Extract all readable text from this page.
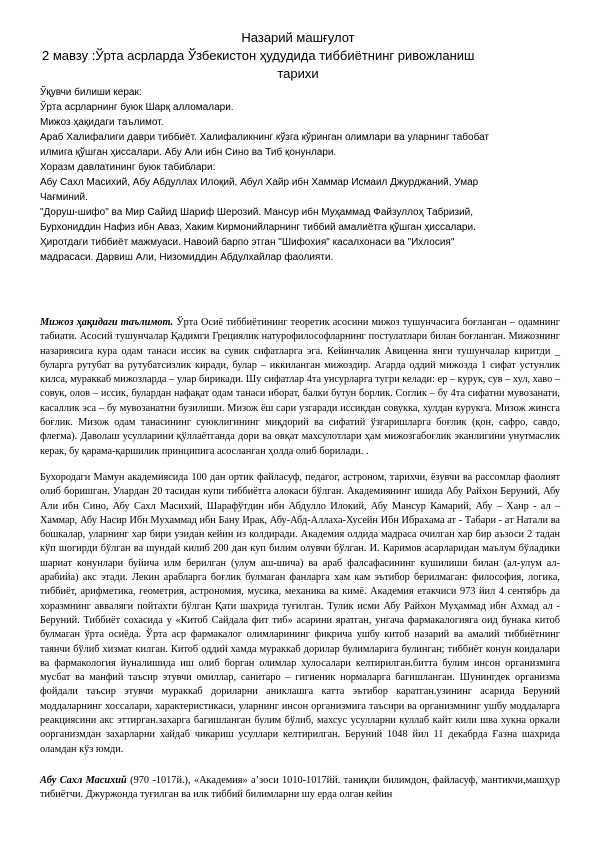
Назарий машғулот
2 мавзу :Ўрта асрларда Ўзбекистон ҳудудида тиббиётнинг ривожланиш
тарихи
Ўқувчи билиши керак:
Ўрта асрларнинг буюк Шарқ алломалари.
Мижоз ҳақидаги таълимот.
Араб Халифалиги даври тиббиёт. Халифаликнинг кўзга кўринган олимлари ва уларнинг табобат
илмига қўшган ҳиссалари. Абу Али ибн Сино ва Тиб қонунлари.
Хоразм давлатининг буюк табиблари:
Абу Сахл Масихий, Абу Абдуллах Илоқий, Абул Хайр ибн Хаммар Исмаил Джурджаний, Умар
Чағминий.
"Доруш-шифо" ва Мир Сайид Шариф Шерозий. Мансур ибн Муҳаммад Файзуллоҳ Табризий,
Бурхониддин Нафиз ибн Аваз, Хаким Кирмонийларнинг тиббий амалиётга қўшган ҳиссалари.
Ҳиротдаги тиббиёт мажмуаси. Навоий барпо этган "Шифохия" касалхонаси ва "Ихлосия"
мадрасаси. Дарвиш Али, Низомиддин Абдулхайлар фаолияти.

Мижоз ҳақидаги таълимот. Ўрта Осиё тиббиётининг теоретик асосини мижоз тушунчасига боғланган – одамнинг табиати. Асосий тушунчалар Қадимги Грециялик натурофилософларнинг постулатлари билан боғланган. Мижознинг назариясига кура одам танаси иссик ва сувик сифатларга эга. Кейинчалик Авиценна янги тушунчалар киритди _ буларга рутубат ва рутубатсизлик киради, булар – иккиланган мижоздир. Агарда оддий мижозда 1 сифат устунлик килса, мураккаб мижозларда – улар бирикади. Шу сифатлар 4та унсурларга тугри келади: ер – курук, сув – хул, хаво – совук, олов – иссик, булардан нафақат одам танаси иборат, балки бутун борлик. Соглик – бу 4та сифатни мувозанати, касаллик эса – бу мувозанатни бузилиши. Мизож ёш сари узгаради иссикдан совукка, хулдан курукга. Мизож жинсга боғлик. Мизож одам танасининг суюклигининг миқдорий ва сифатий ўзгаришларга боғлик (қон, сафро, савдо, флегма). Даволаш усулларини қўллаётганда дори ва овқат махсулотлари ҳам мижозгабоғлик эканлигини унутмаслик керак, бу қарама-қаршилик принципига асосланган ҳолда олиб борилади. .

Бухородаги Мамун академиясида 100 дан ортик файласуф, педагог, астроном, тарихчи, ёзувчи ва рассомлар фаолият олиб боришган. Улардан 20 тасидан купи тиббиётга алокаси бўлган. Академиянинг ишида Абу Райхон Беруний, Абу Али ибн Сино, Абу Сахл Масихий, Шарафўтдин ибн Абдулло Илокий, Абу Мансур Камарий, Абу – Ханр - ал –Хаммар, Абу Насир Ибн Мухаммад ибн Бану Ирак, Абу-Абд-Аллаха-Хусейн Ибн Ибрахама ат - Табари - ат Натали ва бошкалар, уларнинг хар бири узидан кейин из колдиради. Академия олдида мадраса очилган хар бир аъзоси 2 тадан кўп шогирди бўлган ва шундай килиб 200 дан куп билим олувчи бўлган. И. Каримов асарларидан маълум бўладики шариат конунлари буйича илм берилган (улум аш-шича) ва араб фалсафасининг кушилиши билан (ал-улум ал-арабийа) акс этади. Лекин арабларга боғлик булмаган фанларга хам кам эътибор берилмаган: философия, логика, тиббиёт, арифметика, геометрия, астрономия, мусика, механика ва кимё. Академия етакчиси 973 йил 4 сентябрь да хоразмнинг авваляги пойтахти бўлган Қати шахрида туғилган. Тулик исми Абу Райхон Муҳаммад ибн Ахмад ал - Беруний. Тиббиёт сохасида у «Китоб Сайдала фит тиб» асарини яратган, унгача фармакалогияга оид бунака китоб булмаган ўрта осиёда. Ўрта аср фармакалог олимларининг фикрича ушбу китоб назарий ва амалий тиббиётнинг таянчи бўлиб хизмат килган. Китоб оддий хамда мураккаб дорилар булимларига булинган; тиббиёт конун коидалари ва фармакология йуналишида иш олиб борган олимлар хулосалари келтирилган.битта булим инсон организмига мусбат ва манфий таъсир этувчи омиллар, санитаро – гигиеник нормаларга багишланган. Шунингдек организма фойдали таъсир этувчи мураккаб дориларни аниклашга катта эътибор каратган.узининг асарида Беруний моддаларнинг хоссалари, характеристикаси, уларнинг инсон организмига таъсири ва организмнинг ушбу моддаларга реакциясини акс эттирган.захарга багишланган булим бўлиб, махсус усулларни куллаб кайт кили шва хукна оркали оорганизмдан захарларни хайдаб чикариш усуллари келтирилган. Беруний 1048 йил 11 декабрда Ғазна шахрида оламдан кўз юмди.

Абу Сахл Масихий (970 -1017й.), «Академия» а’зоси 1010-1017йй. таниқли билимдон, файласуф, мантикчи,машҳур тибиётчи. Джуржонда туғилган ва илк тиббий билимларни шу ерда олган кейин
